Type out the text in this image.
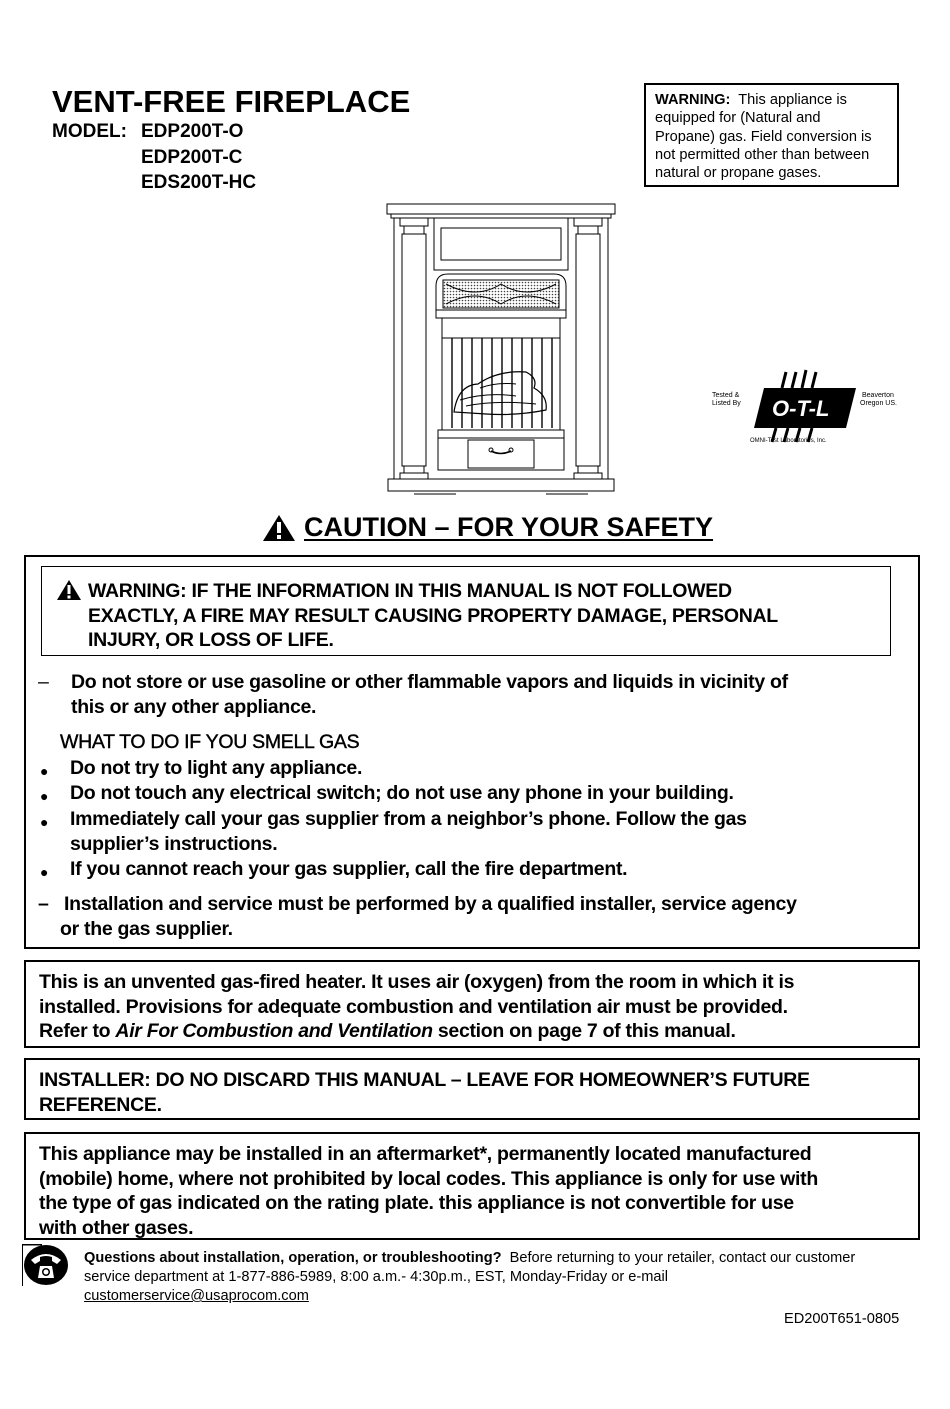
VENT-FREE FIREPLACE
MODEL: EDP200T-O
EDP200T-C
EDS200T-HC
WARNING: This appliance is
equipped for (Natural and
Propane) gas. Field conversion is
not permitted other than between
natural or propane gases.
Tested &
Listed By O-T-L
US
Beaverton
Oregon US.
OMNI-Test Laboratories, Inc.
CAUTION – FOR YOUR SAFETY
WARNING: IF THE INFORMATION IN THIS MANUAL IS NOT FOLLOWED
EXACTLY, A FIRE MAY RESULT CAUSING PROPERTY DAMAGE, PERSONAL
INJURY, OR LOSS OF LIFE.
– Do not store or use gasoline or other flammable vapors and liquids in vicinity of
this or any other appliance.
WHAT TO DO IF YOU SMELL GAS
● Do not try to light any appliance.
● Do not touch any electrical switch; do not use any phone in your building.
● Immediately call your gas supplier from a neighbor’s phone. Follow the gas
supplier’s instructions.
● If you cannot reach your gas supplier, call the fire department.
– Installation and service must be performed by a qualified installer, service agency
or the gas supplier.
This is an unvented gas-fired heater. It uses air (oxygen) from the room in which it is
installed. Provisions for adequate combustion and ventilation air must be provided.
Refer to Air For Combustion and Ventilation section on page 7 of this manual.
INSTALLER: DO NO DISCARD THIS MANUAL – LEAVE FOR HOMEOWNER’S FUTURE
REFERENCE.
This appliance may be installed in an aftermarket*, permanently located manufactured
(mobile) home, where not prohibited by local codes. This appliance is only for use with
the type of gas indicated on the rating plate. this appliance is not convertible for use
with other gases.
Questions about installation, operation, or troubleshooting? Before returning to your retailer, contact our customer
service department at 1-877-886-5989, 8:00 a.m.- 4:30p.m., EST, Monday-Friday or e-mail
customerservice@usaprocom.com
ED200T651-0805
